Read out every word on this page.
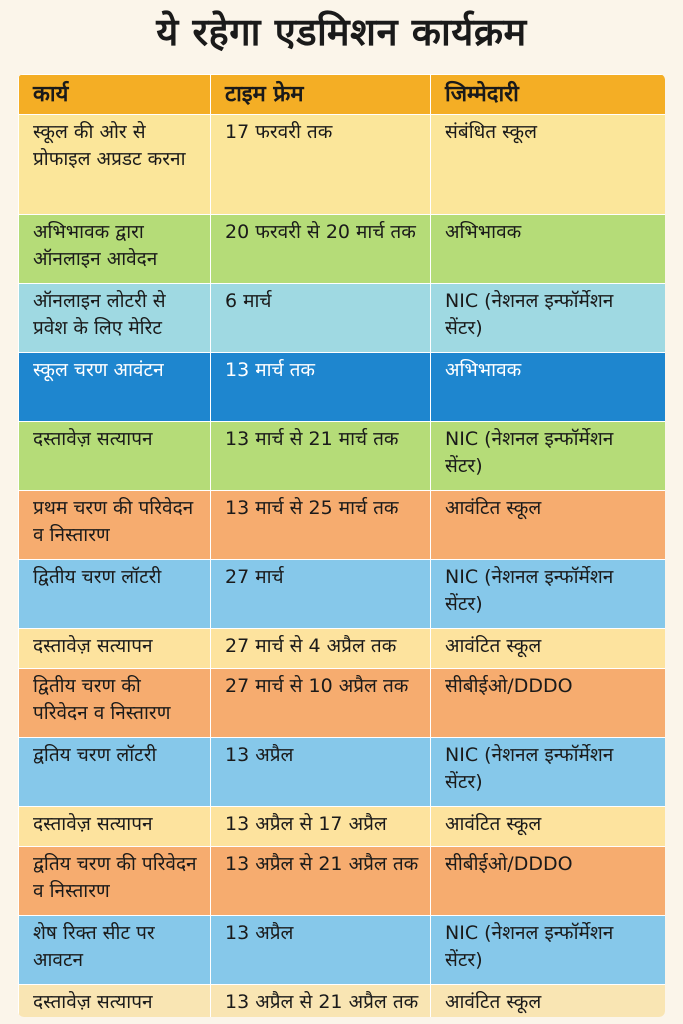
ये रहेगा एडमिशन कार्यक्रम
कार्य	टाइम फ्रेम	जिम्मेदारी
स्कूल की ओर से प्रोफाइल अप्रडट करना	17 फरवरी तक	संबंधित स्कूल
अभिभावक द्वारा ऑनलाइन आवेदन	20 फरवरी से 20 मार्च तक	अभिभावक
ऑनलाइन लोटरी से प्रवेश के लिए मेरिट	6 मार्च	NIC (नेशनल इन्फॉर्मेशन सेंटर)
स्कूल चरण आवंटन	13 मार्च तक	अभिभावक
दस्तावेज़ सत्यापन	13 मार्च से 21 मार्च तक	NIC (नेशनल इन्फॉर्मेशन सेंटर)
प्रथम चरण की परिवेदन व निस्तारण	13 मार्च से 25 मार्च तक	आवंटित स्कूल
द्वितीय चरण लॉटरी	27 मार्च	NIC (नेशनल इन्फॉर्मेशन सेंटर)
दस्तावेज़ सत्यापन	27 मार्च से 4 अप्रैल तक	आवंटित स्कूल
द्वितीय चरण की परिवेदन व निस्तारण	27 मार्च से 10 अप्रैल तक	सीबीईओ/DDDO
द्वतिय चरण लॉटरी	13 अप्रैल	NIC (नेशनल इन्फॉर्मेशन सेंटर)
दस्तावेज़ सत्यापन	13 अप्रैल से 17 अप्रैल	आवंटित स्कूल
द्वतिय चरण की परिवेदन व निस्तारण	13 अप्रैल से 21 अप्रैल तक	सीबीईओ/DDDO
शेष रिक्त सीट पर आवटन	13 अप्रैल	NIC (नेशनल इन्फॉर्मेशन सेंटर)
दस्तावेज़ सत्यापन	13 अप्रैल से 21 अप्रैल तक	आवंटित स्कूल
